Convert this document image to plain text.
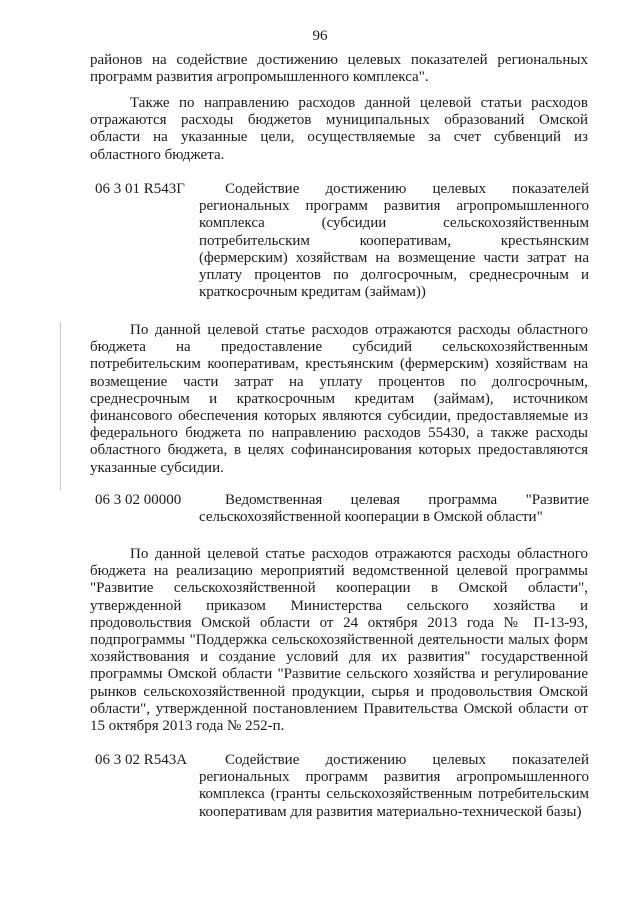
96
районов на содействие достижению целевых показателей региональных программ развития агропромышленного комплекса".
Также по направлению расходов данной целевой статьи расходов отражаются расходы бюджетов муниципальных образований Омской области на указанные цели, осуществляемые за счет субвенций из областного бюджета.
06 3 01 R543Г	Содействие достижению целевых показателей региональных программ развития агропромышленного комплекса (субсидии сельскохозяйственным потребительским кооперативам, крестьянским (фермерским) хозяйствам на возмещение части затрат на уплату процентов по долгосрочным, среднесрочным и краткосрочным кредитам (займам))
По данной целевой статье расходов отражаются расходы областного бюджета на предоставление субсидий сельскохозяйственным потребительским кооперативам, крестьянским (фермерским) хозяйствам на возмещение части затрат на уплату процентов по долгосрочным, среднесрочным и краткосрочным кредитам (займам), источником финансового обеспечения которых являются субсидии, предоставляемые из федерального бюджета по направлению расходов 55430, а также расходы областного бюджета, в целях софинансирования которых предоставляются указанные субсидии.
06 3 02 00000	Ведомственная целевая программа "Развитие сельскохозяйственной кооперации в Омской области"
По данной целевой статье расходов отражаются расходы областного бюджета на реализацию мероприятий ведомственной целевой программы "Развитие сельскохозяйственной кооперации в Омской области", утвержденной приказом Министерства сельского хозяйства и продовольствия Омской области от 24 октября 2013 года № П-13-93, подпрограммы "Поддержка сельскохозяйственной деятельности малых форм хозяйствования и создание условий для их развития" государственной программы Омской области "Развитие сельского хозяйства и регулирование рынков сельскохозяйственной продукции, сырья и продовольствия Омской области", утвержденной постановлением Правительства Омской области от 15 октября 2013 года № 252-п.
06 3 02 R543А	Содействие достижению целевых показателей региональных программ развития агропромышленного комплекса (гранты сельскохозяйственным потребительским кооперативам для развития материально-технической базы)
